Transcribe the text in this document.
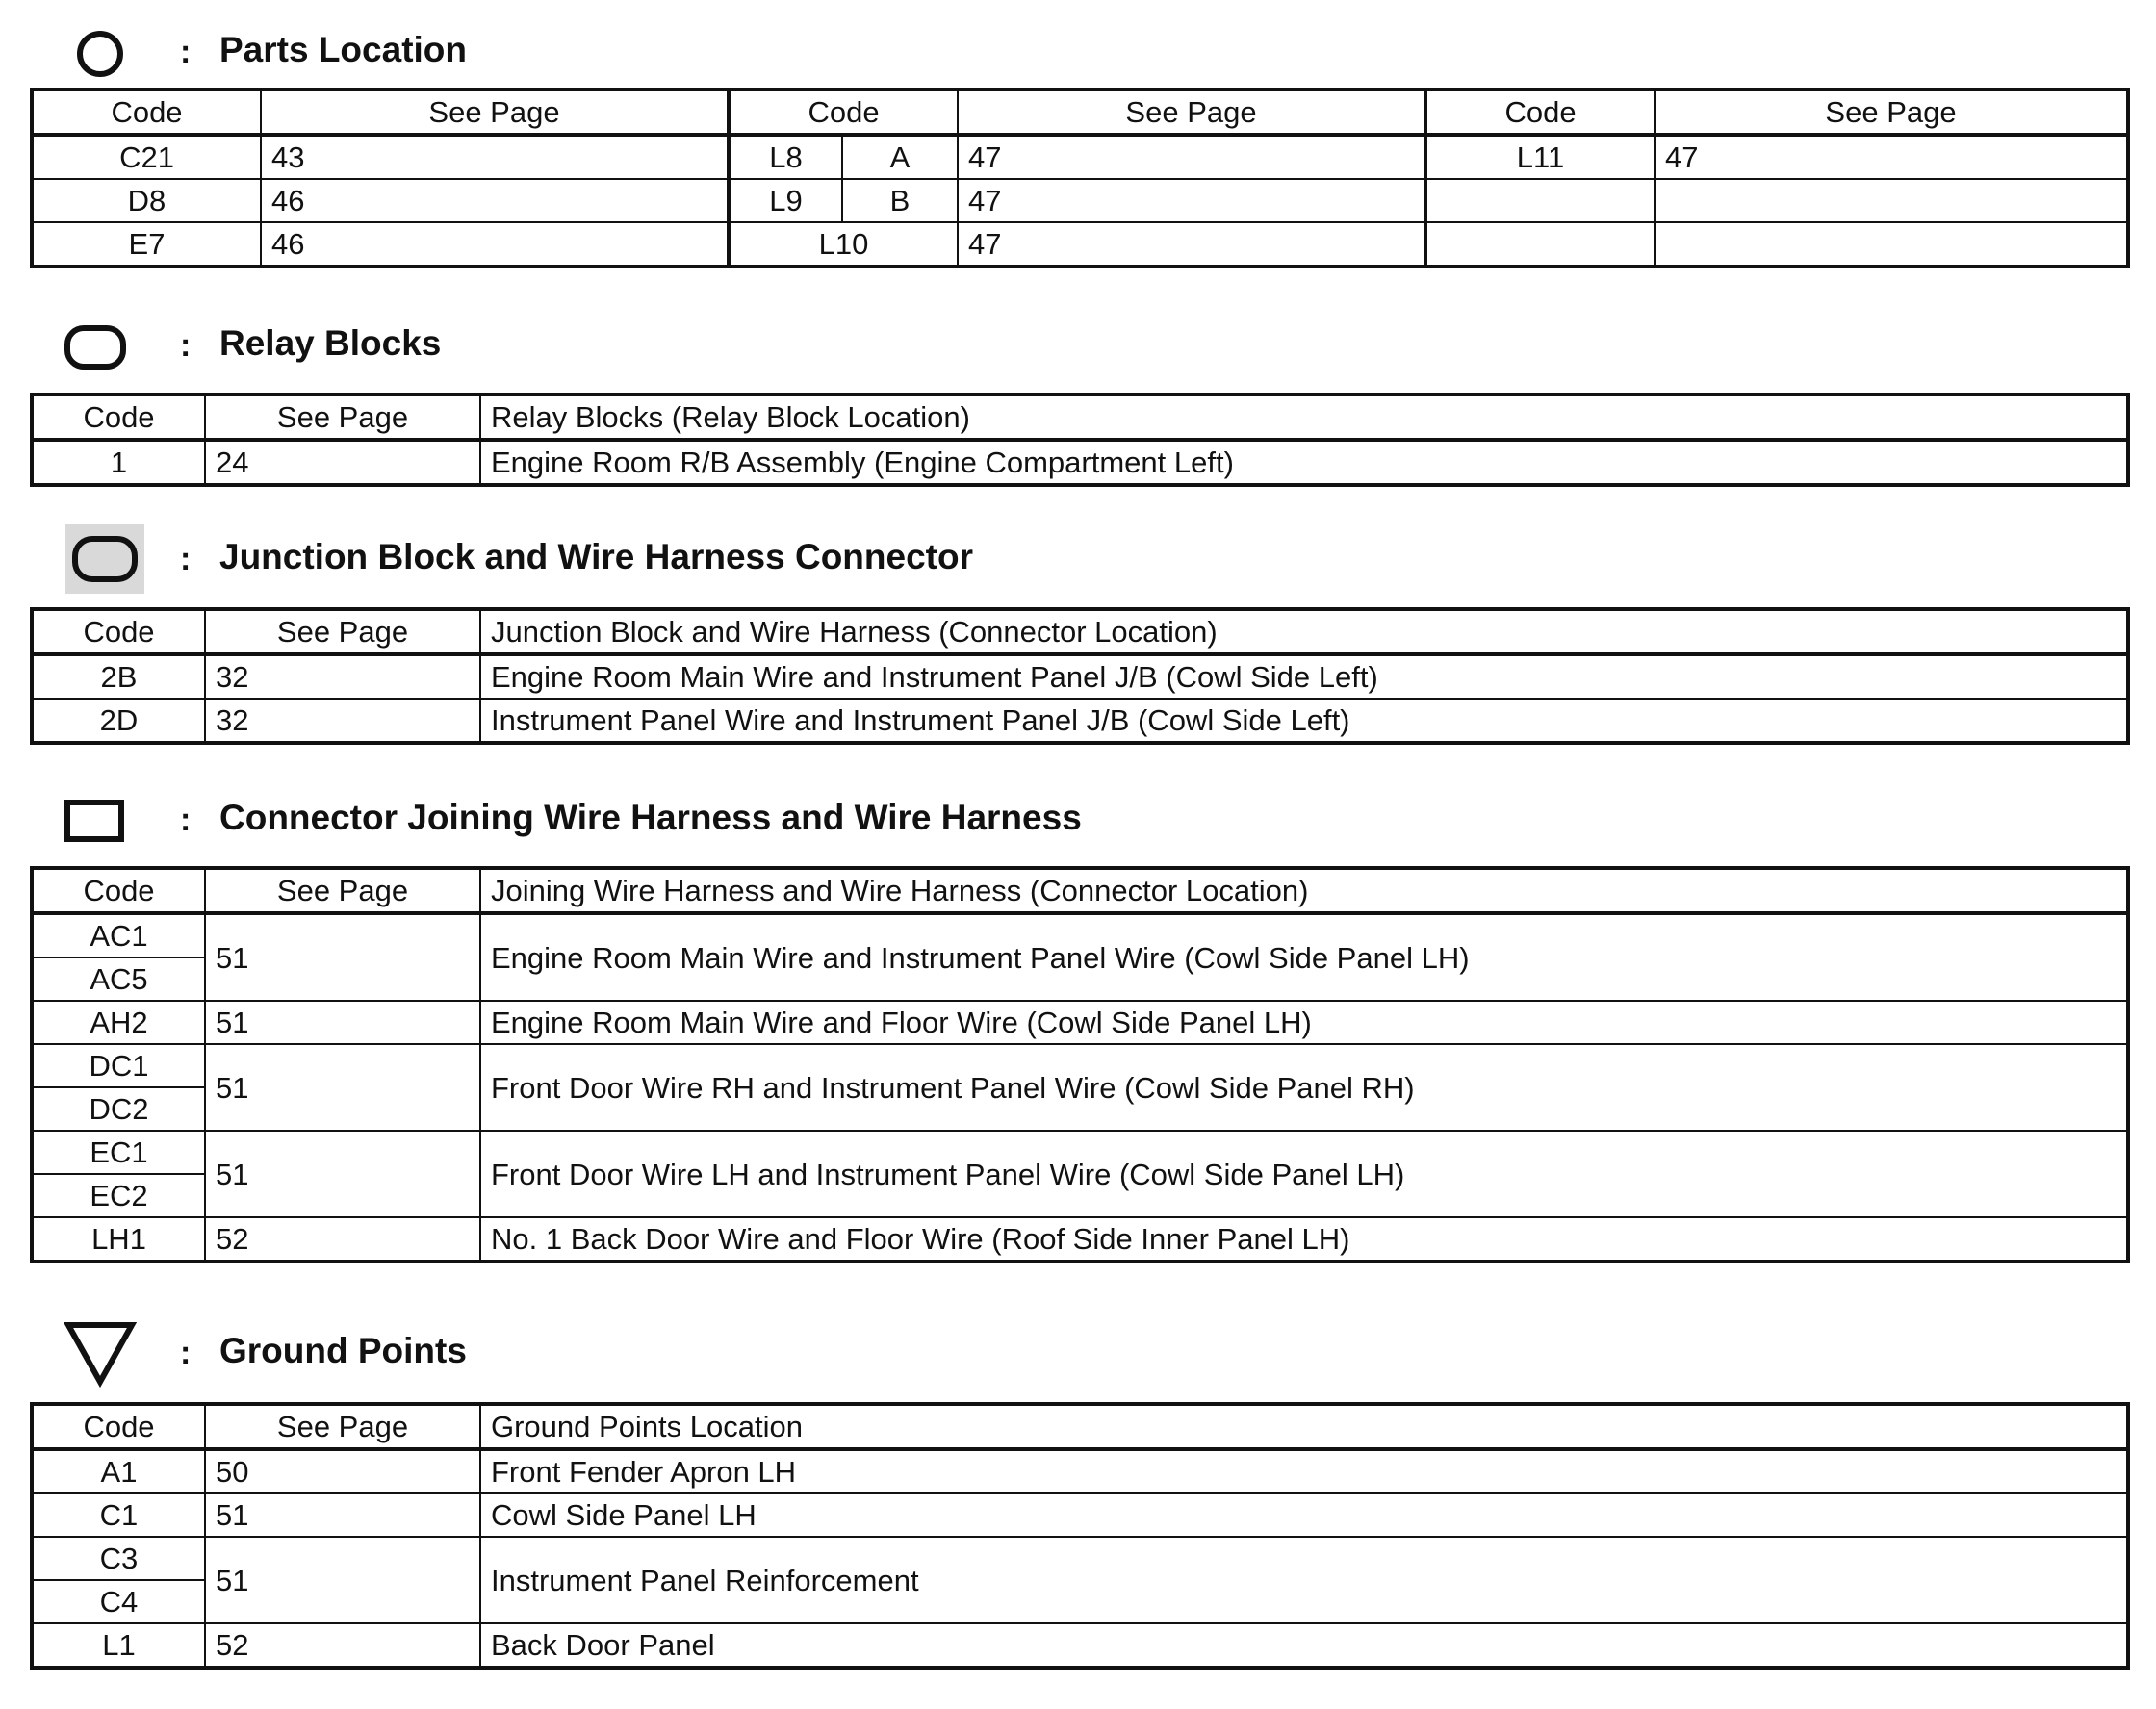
: Parts Location
Code	See Page	Code		See Page	Code	See Page
C21	43	L8	A	47	L11	47
D8	46	L9	B	47		
E7	46	L10		47		
: Relay Blocks
Code	See Page	Relay Blocks (Relay Block Location)
1	24	Engine Room R/B Assembly (Engine Compartment Left)
: Junction Block and Wire Harness Connector
Code	See Page	Junction Block and Wire Harness (Connector Location)
2B	32	Engine Room Main Wire and Instrument Panel J/B (Cowl Side Left)
2D	32	Instrument Panel Wire and Instrument Panel J/B (Cowl Side Left)
: Connector Joining Wire Harness and Wire Harness
Code	See Page	Joining Wire Harness and Wire Harness (Connector Location)
AC1	51	Engine Room Main Wire and Instrument Panel Wire (Cowl Side Panel LH)
AC5		
AH2	51	Engine Room Main Wire and Floor Wire (Cowl Side Panel LH)
DC1	51	Front Door Wire RH and Instrument Panel Wire (Cowl Side Panel RH)
DC2		
EC1	51	Front Door Wire LH and Instrument Panel Wire (Cowl Side Panel LH)
EC2		
LH1	52	No. 1 Back Door Wire and Floor Wire (Roof Side Inner Panel LH)
: Ground Points
Code	See Page	Ground Points Location
A1	50	Front Fender Apron LH
C1	51	Cowl Side Panel LH
C3	51	Instrument Panel Reinforcement
C4		
L1	52	Back Door Panel
